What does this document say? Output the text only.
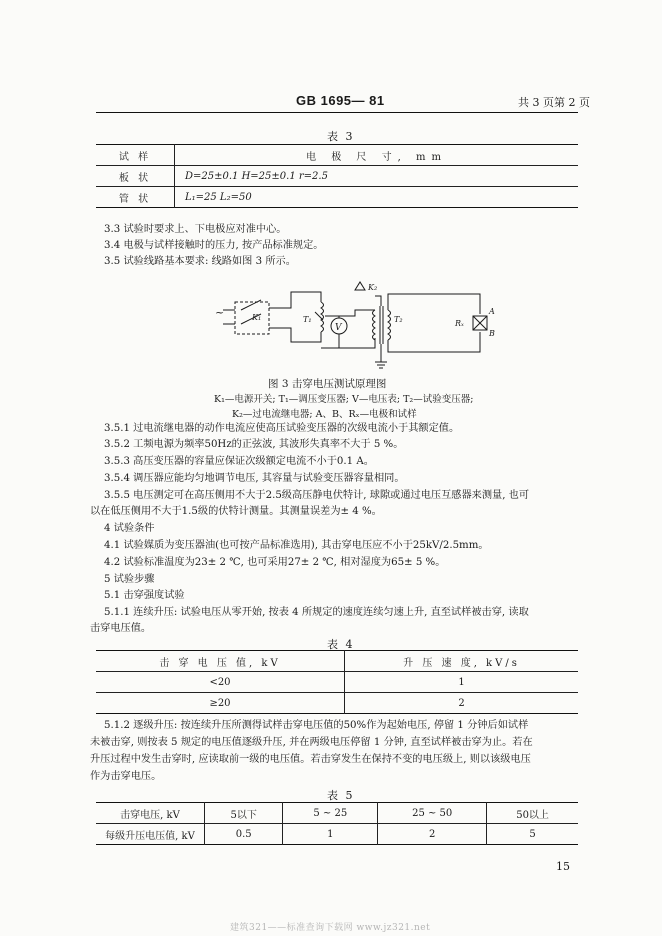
GB 1695— 81	共 3 页第 2 页
表 3
试 样	电 极 尺 寸, mm
板 状	D=25±0.1 H=25±0.1 r=2.5
管 状	L₁=25 L₂=50
3.3 试验时要求上、下电极应对准中心。
3.4 电极与试样接触时的压力, 按产品标准规定。
3.5 试验线路基本要求: 线路如图 3 所示。
~	K₁	T₁
V
T₂
K₂
A
B
Rₓ
图 3 击穿电压测试原理图
K₁—电源开关; T₁—调压变压器; V—电压表; T₂—试验变压器;
K₂—过电流继电器; A、B、Rₓ—电极和试样
3.5.1 过电流继电器的动作电流应使高压试验变压器的次级电流小于其额定值。
3.5.2 工频电源为频率50Hz的正弦波, 其波形失真率不大于 5 %。
3.5.3 高压变压器的容量应保证次级额定电流不小于0.1 A。
3.5.4 调压器应能均匀地调节电压, 其容量与试验变压器容量相同。
3.5.5 电压测定可在高压侧用不大于2.5级高压静电伏特计, 球隙或通过电压互感器来测量, 也可
以在低压侧用不大于1.5级的伏特计测量。其测量误差为± 4 %。
4 试验条件
4.1 试验媒质为变压器油(也可按产品标准选用), 其击穿电压应不小于25kV/2.5mm。
4.2 试验标准温度为23± 2 ℃, 也可采用27± 2 ℃, 相对湿度为65± 5 %。
5 试验步骤
5.1 击穿强度试验
5.1.1 连续升压: 试验电压从零开始, 按表 4 所规定的速度连续匀速上升, 直至试样被击穿, 读取
击穿电压值。
表 4
击 穿 电 压 值, kV	升 压 速 度, kV/s
<20	1
≥20	2
5.1.2 逐级升压: 按连续升压所测得试样击穿电压值的50%作为起始电压, 停留 1 分钟后如试样
未被击穿, 则按表 5 规定的电压值逐级升压, 并在两级电压停留 1 分钟, 直至试样被击穿为止。若在
升压过程中发生击穿时, 应读取前一级的电压值。若击穿发生在保持不变的电压级上, 则以该级电压
作为击穿电压。
表 5
击穿电压, kV	5以下	5 ~ 25	25 ~ 50	50以上
每级升压电压值, kV	0.5	1	2	5
15
建筑321——标准查询下载网 www.jz321.net
